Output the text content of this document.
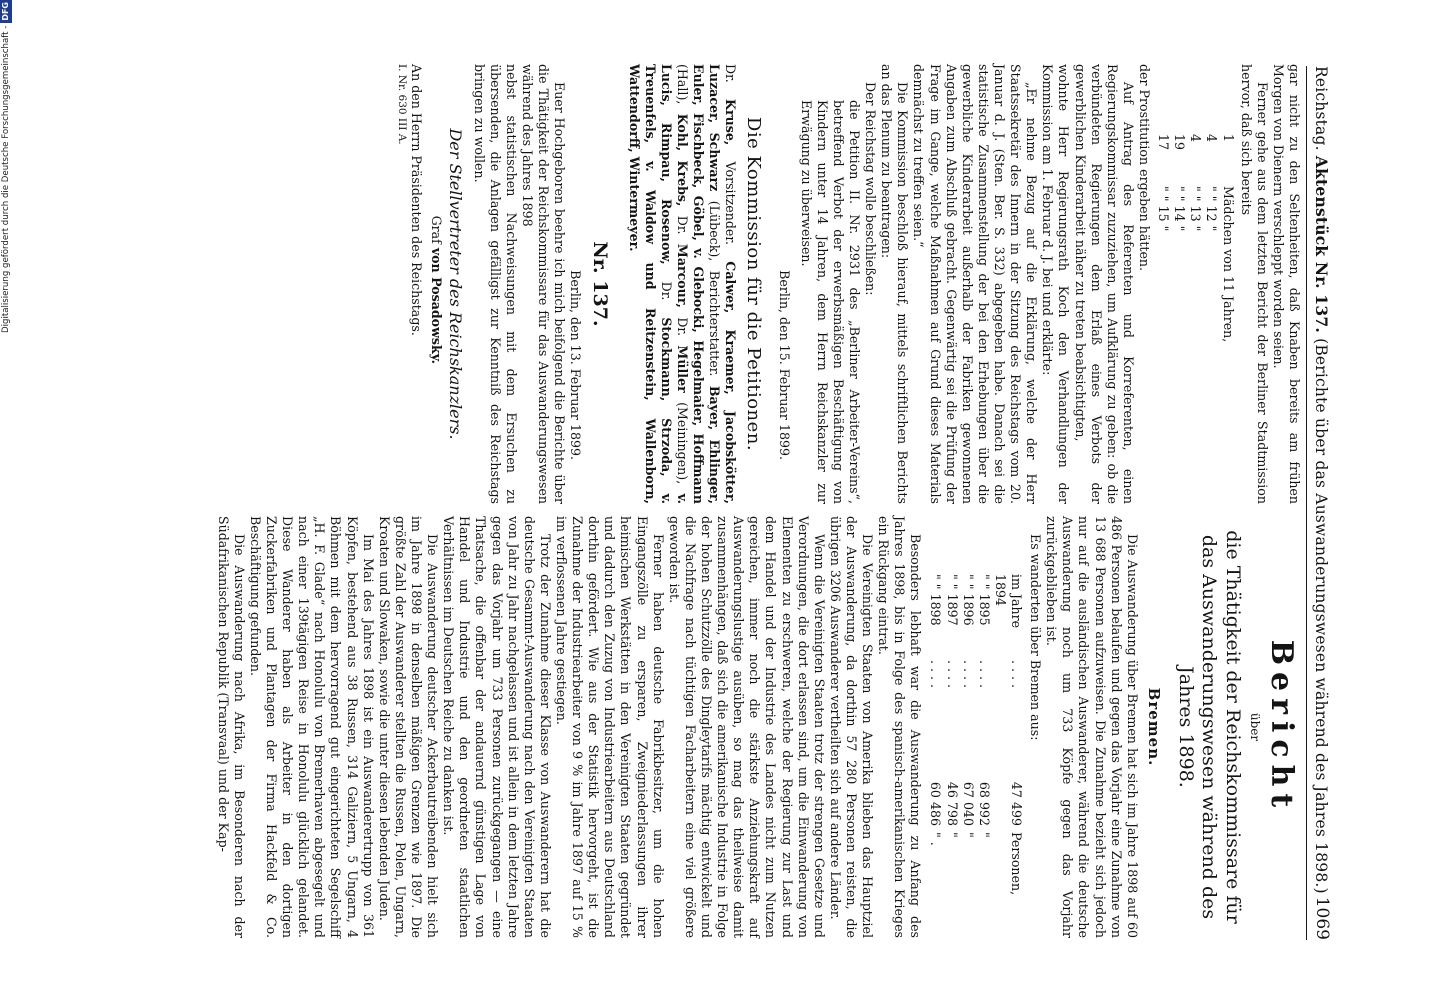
Reichstag. Aktenstück Nr. 137. (Berichte über das Auswanderungswesen während des Jahres 1898.)
1069

gar nicht zu den Seltenheiten, daß Knaben bereits am frühen Morgen von Dienern verschleppt worden seien.

Ferner gehe aus dem letzten Bericht der Berliner Stadtmission hervor, daß sich bereits

1
Mädchen von 11 Jahren,
4
" " 12 "
4
" " 13 "
19
" " 14 "
17
" " 15 "

der Prostitution ergeben hätten.

Auf Antrag des Referenten und Korreferenten, einen Regierungskommissar zuzuziehen, um Aufklärung zu geben: ob die verbündeten Regierungen dem Erlaß eines Verbots der gewerblichen Kinderarbeit näher zu treten beabsichtigten,

wohnte Herr Regierungsrath Koch den Verhandlungen der Kommission am 1. Februar d. J. bei und erklärte:

„Er nehme Bezug auf die Erklärung, welche der Herr Staatssekretär des Innern in der Sitzung des Reichstags vom 20. Januar d. J. (Sten. Ber. S. 332) abgegeben habe. Danach sei die statistische Zusammenstellung der bei den Erhebungen über die gewerbliche Kinderarbeit außerhalb der Fabriken gewonnenen Angaben zum Abschluß gebracht. Gegenwärtig sei die Prüfung der Frage im Gange, welche Maßnahmen auf Grund dieses Materials demnächst zu treffen seien.“

Die Kommission beschloß hierauf, mittels schriftlichen Berichts an das Plenum zu beantragen:

Der Reichstag wolle beschließen:

die Petition II. Nr. 2931 des „Berliner Arbeiter-Vereins“, betreffend Verbot der erwerbsmäßigen Beschäftigung von Kindern unter 14 Jahren, dem Herrn Reichskanzler zur Erwägung zu überweisen.

Berlin, den 15. Februar 1899.

Die Kommission für die Petitionen.

Dr. Kruse, Vorsitzender. Calwer, Kraemer, Jacobskötter, Luzacer, Schwarz (Lübeck), Berichterstatter. Bayer, Ehlinger, Euler, Fischbeck, Göbel, v. Glebocki, Hegelmaier, Hoffmann (Hall), Kohl, Krebs, Dr. Marcour, Dr. Müller (Meiningen), v. Lucis, Rimpau, Rosenow, Dr. Stockmann, Strzoda, v. Treuenfels, v. Waldow und Reitzenstein, Wallenborn, Wattendorff, Wintermeyer.

Nr. 137.

Berlin, den 13. Februar 1899.

Euer Hochgeboren beehre ich mich beifolgend die Berichte über die Thätigkeit der Reichskommissare für das Auswanderungswesen während des Jahres 1898

nebst statistischen Nachweisungen mit dem Ersuchen zu übersenden, die Anlagen gefälligst zur Kenntniß des Reichstags bringen zu wollen.

Der Stellvertreter des Reichskanzlers.

Graf von Posadowsky.

An den Herrn Präsidenten des Reichstags.

I. Nr. 630 III A.

Bericht
über
die Thätigkeit der Reichskommissare für das Auswanderungswesen während des Jahres 1898.
Bremen.

Die Auswanderung über Bremen hat sich im Jahre 1898 auf 60 486 Personen belaufen und gegen das Vorjahr eine Zunahme von 13 688 Personen aufzuweisen. Die Zunahme bezieht sich jedoch nur auf die ausländischen Auswanderer, während die deutsche Auswanderung noch um 733 Köpfe gegen das Vorjahr zurückgeblieben ist.

Es wanderten über Bremen aus:

im Jahre 1894
. . . .
47 499
Personen,
" " 1895
. . . .
68 992
"
" " 1896
. . . .
67 040
"
" " 1897
. . . .
46 798
"
" " 1898
. . . .
60 486
" .

Besonders lebhaft war die Auswanderung zu Anfang des Jahres 1898, bis in Folge des spanisch-amerikanischen Krieges ein Rückgang eintrat.

Die Vereinigten Staaten von Amerika blieben das Hauptziel der Auswanderung, da dorthin 57 280 Personen reisten, die übrigen 3206 Auswanderer vertheilten sich auf andere Länder.

Wenn die Vereinigten Staaten trotz der strengen Gesetze und Verordnungen, die dort erlassen sind, um die Einwanderung von Elementen zu erschweren, welche der Regierung zur Last und dem Handel und der Industrie des Landes nicht zum Nutzen gereichen, immer noch die stärkste Anziehungskraft auf Auswanderungslustige ausüben, so mag das theilweise damit zusammenhängen, daß sich die amerikanische Industrie in Folge der hohen Schutzzölle des Dingleytarifs mächtig entwickelt und die Nachfrage nach tüchtigen Facharbeitern eine viel größere geworden ist.

Ferner haben deutsche Fabrikbesitzer, um die hohen Eingangszölle zu ersparen, Zweigniederlassungen ihrer heimischen Werkstätten in den Vereinigten Staaten gegründet und dadurch den Zuzug von Industriearbeitern aus Deutschland dorthin gefördert. Wie aus der Statistik hervorgeht, ist die Zunahme der Industriearbeiter von 9 % im Jahre 1897 auf 15 % im verflossenen Jahre gestiegen.

Trotz der Zunahme dieser Klasse von Auswanderern hat die deutsche Gesammt-Auswanderung nach den Vereinigten Staaten von Jahr zu Jahr nachgelassen und ist allein in dem letzten Jahre gegen das Vorjahr um 733 Personen zurückgegangen — eine Thatsache, die offenbar der andauernd günstigen Lage von Handel und Industrie und den geordneten staatlichen Verhältnissen im Deutschen Reiche zu danken ist.

Die Auswanderung deutscher Ackerbautreibenden hielt sich im Jahre 1898 in denselben mäßigen Grenzen wie 1897. Die größte Zahl der Auswanderer stellten die Russen, Polen, Ungarn, Kroaten und Slowaken, sowie die unter diesen lebenden Juden.

Im Mai des Jahres 1898 ist ein Auswanderertrupp von 361 Köpfen, bestehend aus 38 Russen, 314 Galiziern, 5 Ungarn, 4 Böhmen mit dem hervorragend gut eingerichteten Segelschiff „H. F. Glade“ nach Honolulu von Bremerhaven abgesegelt und nach einer 139tägigen Reise in Honolulu glücklich gelandet. Diese Wanderer haben als Arbeiter in den dortigen Zuckerfabriken und Plantagen der Firma Hackfeld & Co. Beschäftigung gefunden.

Die Auswanderung nach Afrika, im Besonderen nach der Südafrikanischen Republik (Transvaal) und der Kap-

Digitalisierung gefördert durch die Deutsche Forschungsgemeinschaft -DFG
